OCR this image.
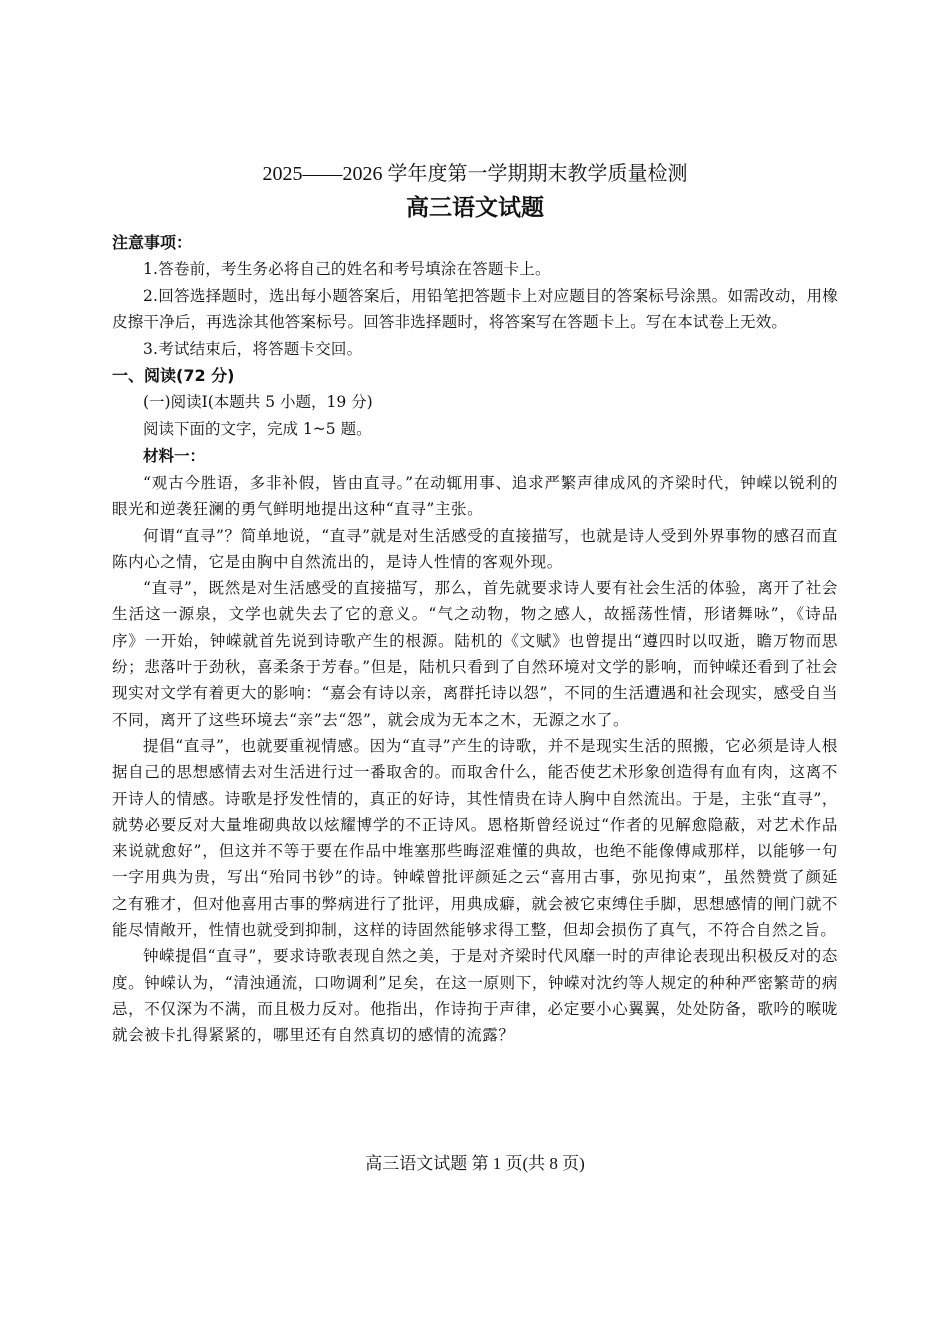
2025——2026 学年度第一学期期末教学质量检测

高三语文试题

注意事项：

1.答卷前，考生务必将自己的姓名和考号填涂在答题卡上。

2.回答选择题时，选出每小题答案后，用铅笔把答题卡上对应题目的答案标号涂黑。如需改动，用橡皮擦干净后，再选涂其他答案标号。回答非选择题时，将答案写在答题卡上。写在本试卷上无效。

3.考试结束后，将答题卡交回。

一、阅读(72 分)

(一)阅读Ⅰ(本题共 5 小题，19 分)

阅读下面的文字，完成 1~5 题。

材料一：

“观古今胜语，多非补假，皆由直寻。”在动辄用事、追求严繁声律成风的齐梁时代，钟嵘以锐利的眼光和逆袭狂澜的勇气鲜明地提出这种“直寻”主张。

何谓“直寻”？简单地说，“直寻”就是对生活感受的直接描写，也就是诗人受到外界事物的感召而直陈内心之情，它是由胸中自然流出的，是诗人性情的客观外现。

“直寻”，既然是对生活感受的直接描写，那么，首先就要求诗人要有社会生活的体验，离开了社会生活这一源泉，文学也就失去了它的意义。“气之动物，物之感人，故摇荡性情，形诸舞咏”，《诗品序》一开始，钟嵘就首先说到诗歌产生的根源。陆机的《文赋》也曾提出“遵四时以叹逝，瞻万物而思纷；悲落叶于劲秋，喜柔条于芳春。”但是，陆机只看到了自然环境对文学的影响，而钟嵘还看到了社会现实对文学有着更大的影响：“嘉会有诗以亲，离群托诗以怨”，不同的生活遭遇和社会现实，感受自当不同，离开了这些环境去“亲”去“怨”，就会成为无本之木，无源之水了。

提倡“直寻”，也就要重视情感。因为“直寻”产生的诗歌，并不是现实生活的照搬，它必须是诗人根据自己的思想感情去对生活进行过一番取舍的。而取舍什么，能否使艺术形象创造得有血有肉，这离不开诗人的情感。诗歌是抒发性情的，真正的好诗，其性情贵在诗人胸中自然流出。于是，主张“直寻”，就势必要反对大量堆砌典故以炫耀博学的不正诗风。恩格斯曾经说过“作者的见解愈隐蔽，对艺术作品来说就愈好”，但这并不等于要在作品中堆塞那些晦涩难懂的典故，也绝不能像傅咸那样，以能够一句一字用典为贵，写出“殆同书钞”的诗。钟嵘曾批评颜延之云“喜用古事，弥见拘束”，虽然赞赏了颜延之有雅才，但对他喜用古事的弊病进行了批评，用典成癖，就会被它束缚住手脚，思想感情的闸门就不能尽情敞开，性情也就受到抑制，这样的诗固然能够求得工整，但却会损伤了真气，不符合自然之旨。

钟嵘提倡“直寻”，要求诗歌表现自然之美，于是对齐梁时代风靡一时的声律论表现出积极反对的态度。钟嵘认为，“清浊通流，口吻调利”足矣，在这一原则下，钟嵘对沈约等人规定的种种严密繁苛的病忌，不仅深为不满，而且极力反对。他指出，作诗拘于声律，必定要小心翼翼，处处防备，歌吟的喉咙就会被卡扎得紧紧的，哪里还有自然真切的感情的流露？

高三语文试题 第 1 页(共 8 页)
